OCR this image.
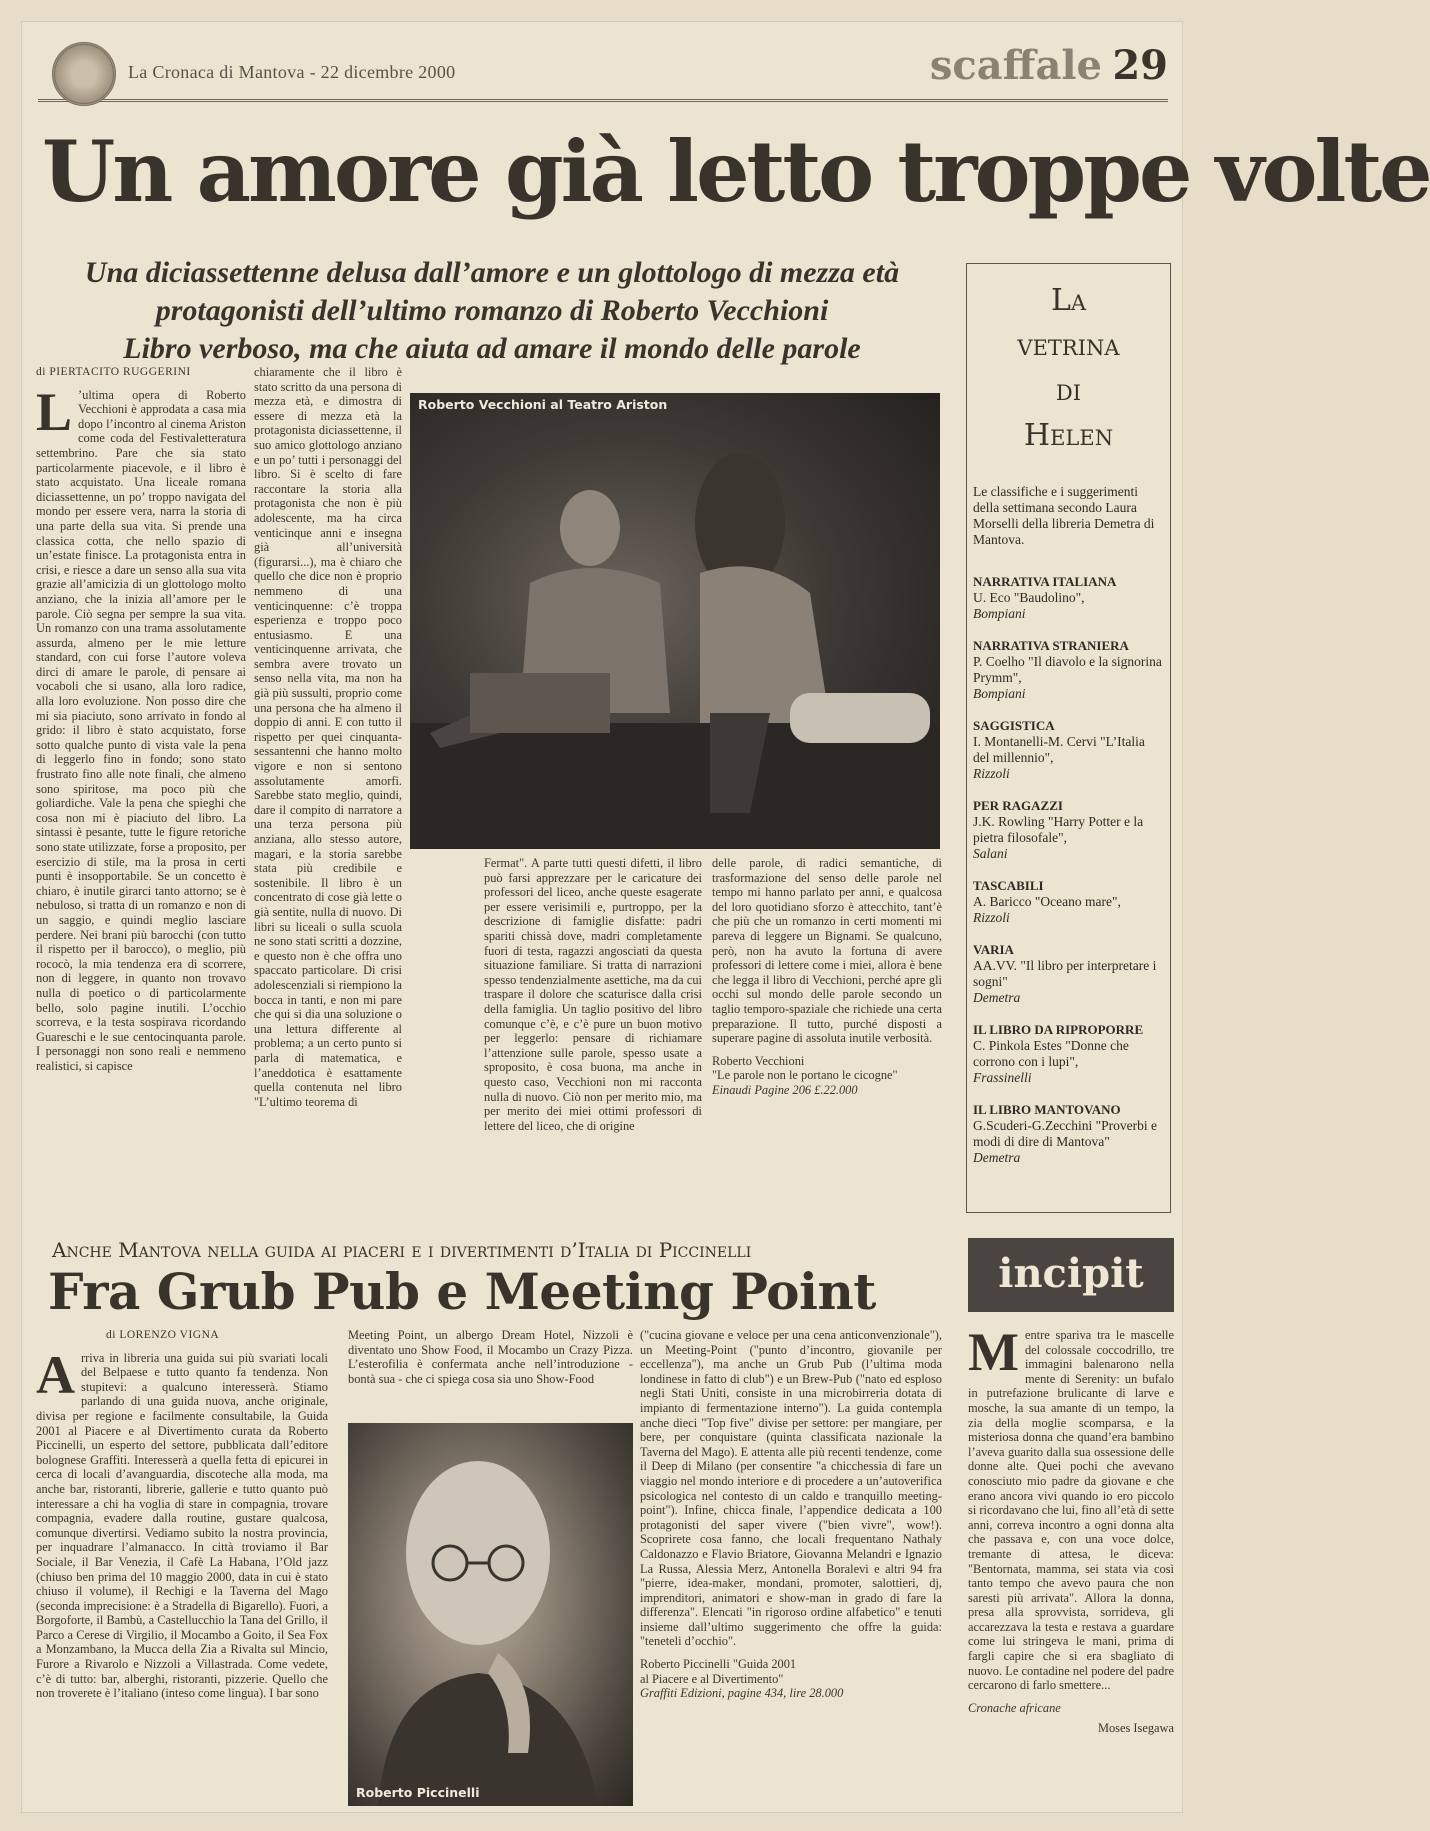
La Cronaca di Mantova - 22 dicembre 2000	scaffale 29
Un amore già letto troppe volte
Una diciassettenne delusa dall’amore e un glottologo di mezza età
protagonisti dell’ultimo romanzo di Roberto Vecchioni
Libro verboso, ma che aiuta ad amare il mondo delle parole
di PIERTACITO RUGGERINI
L ’ultima opera di Roberto Vecchioni è approdata a casa mia dopo l’incontro al cinema Ariston come coda del Festivaletteratura settembrino. Pare che sia stato particolarmente piacevole, e il libro è stato acquistato. Una liceale romana diciassettenne, un po’ troppo navigata del mondo per essere vera, narra la storia di una parte della sua vita. Si prende una classica cotta, che nello spazio di un’estate finisce. La protagonista entra in crisi, e riesce a dare un senso alla sua vita grazie all’amicizia di un glottologo molto anziano, che la inizia all’amore per le parole. Ciò segna per sempre la sua vita. Un romanzo con una trama assolutamente assurda, almeno per le mie letture standard, con cui forse l’autore voleva dirci di amare le parole, di pensare ai vocaboli che si usano, alla loro radice, alla loro evoluzione. Non posso dire che mi sia piaciuto, sono arrivato in fondo al grido: il libro è stato acquistato, forse sotto qualche punto di vista vale la pena di leggerlo fino in fondo; sono stato frustrato fino alle note finali, che almeno sono spiritose, ma poco più che goliardiche. Vale la pena che spieghi che cosa non mi è piaciuto del libro. La sintassi è pesante, tutte le figure retoriche sono state utilizzate, forse a proposito, per esercizio di stile, ma la prosa in certi punti è insopportabile. Se un concetto è chiaro, è inutile girarci tanto attorno; se è nebuloso, si tratta di un romanzo e non di un saggio, e quindi meglio lasciare perdere. Nei brani più barocchi (con tutto il rispetto per il barocco), o meglio, più rococò, la mia tendenza era di scorrere, non di leggere, in quanto non trovavo nulla di poetico o di particolarmente bello, solo pagine inutili. L’occhio scorreva, e la testa sospirava ricordando Guareschi e le sue centocinquanta parole. I personaggi non sono reali e nemmeno realistici, si capisce
chiaramente che il libro è stato scritto da una persona di mezza età, e dimostra di essere di mezza età la protagonista diciassettenne, il suo amico glottologo anziano e un po’ tutti i personaggi del libro. Si è scelto di fare raccontare la storia alla protagonista che non è più adolescente, ma ha circa venticinque anni e insegna già all’università (figurarsi...), ma è chiaro che quello che dice non è proprio nemmeno di una venticinquenne: c’è troppa esperienza e troppo poco entusiasmo. E una venticinquenne arrivata, che sembra avere trovato un senso nella vita, ma non ha già più sussulti, proprio come una persona che ha almeno il doppio di anni. E con tutto il rispetto per quei cinquanta-sessantenni che hanno molto vigore e non si sentono assolutamente amorfi. Sarebbe stato meglio, quindi, dare il compito di narratore a una terza persona più anziana, allo stesso autore, magari, e la storia sarebbe stata più credibile e sostenibile. Il libro è un concentrato di cose già lette o già sentite, nulla di nuovo. Di libri su liceali o sulla scuola ne sono stati scritti a dozzine, e questo non è che offra uno spaccato particolare. Di crisi adolescenziali si riempiono la bocca in tanti, e non mi pare che qui si dia una soluzione o una lettura differente al problema; a un certo punto si parla di matematica, e l’aneddotica è esattamente quella contenuta nel libro "L’ultimo teorema di
Roberto Vecchioni al Teatro Ariston
Fermat". A parte tutti questi difetti, il libro può farsi apprezzare per le caricature dei professori del liceo, anche queste esagerate per essere verisimili e, purtroppo, per la descrizione di famiglie disfatte: padri spariti chissà dove, madri completamente fuori di testa, ragazzi angosciati da questa situazione familiare. Si tratta di narrazioni spesso tendenzialmente asettiche, ma da cui traspare il dolore che scaturisce dalla crisi della famiglia. Un taglio positivo del libro comunque c’è, e c’è pure un buon motivo per leggerlo: pensare di richiamare l’attenzione sulle parole, spesso usate a sproposito, è cosa buona, ma anche in questo caso, Vecchioni non mi racconta nulla di nuovo. Ciò non per merito mio, ma per merito dei miei ottimi professori di lettere del liceo, che di origine
delle parole, di radici semantiche, di trasformazione del senso delle parole nel tempo mi hanno parlato per anni, e qualcosa del loro quotidiano sforzo è attecchito, tant’è che più che un romanzo in certi momenti mi pareva di leggere un Bignami. Se qualcuno, però, non ha avuto la fortuna di avere professori di lettere come i miei, allora è bene che legga il libro di Vecchioni, perché apre gli occhi sul mondo delle parole secondo un taglio temporo-spaziale che richiede una certa preparazione. Il tutto, purché disposti a superare pagine di assoluta inutile verbosità.
Roberto Vecchioni
"Le parole non le portano le cicogne"
Einaudi Pagine 206 £.22.000
La
vetrina
di
Helen
Le classifiche e i suggerimenti della settimana secondo Laura Morselli della libreria Demetra di Mantova.
NARRATIVA ITALIANA
U. Eco "Baudolino",
Bompiani
NARRATIVA STRANIERA
P. Coelho "Il diavolo e la signorina Prymm",
Bompiani
SAGGISTICA
I. Montanelli-M. Cervi "L’Italia del millennio",
Rizzoli
PER RAGAZZI
J.K. Rowling "Harry Potter e la pietra filosofale",
Salani
TASCABILI
A. Baricco "Oceano mare",
Rizzoli
VARIA
AA.VV. "Il libro per interpretare i sogni"
Demetra
IL LIBRO DA RIPROPORRE
C. Pinkola Estes "Donne che corrono con i lupi",
Frassinelli
IL LIBRO MANTOVANO
G.Scuderi-G.Zecchini "Proverbi e modi di dire di Mantova"
Demetra
Anche Mantova nella guida ai piaceri e i divertimenti d’Italia di Piccinelli
Fra Grub Pub e Meeting Point
di LORENZO VIGNA
A rriva in libreria una guida sui più svariati locali del Belpaese e tutto quanto fa tendenza. Non stupitevi: a qualcuno interesserà. Stiamo parlando di una guida nuova, anche originale, divisa per regione e facilmente consultabile, la Guida 2001 al Piacere e al Divertimento curata da Roberto Piccinelli, un esperto del settore, pubblicata dall’editore bolognese Graffiti. Interesserà a quella fetta di epicurei in cerca di locali d’avanguardia, discoteche alla moda, ma anche bar, ristoranti, librerie, gallerie e tutto quanto può interessare a chi ha voglia di stare in compagnia, trovare compagnia, evadere dalla routine, gustare qualcosa, comunque divertirsi. Vediamo subito la nostra provincia, per inquadrare l’almanacco. In città troviamo il Bar Sociale, il Bar Venezia, il Cafè La Habana, l’Old jazz (chiuso ben prima del 10 maggio 2000, data in cui è stato chiuso il volume), il Rechigi e la Taverna del Mago (seconda imprecisione: è a Stradella di Bigarello). Fuori, a Borgoforte, il Bambù, a Castellucchio la Tana del Grillo, il Parco a Cerese di Virgilio, il Mocambo a Goito, il Sea Fox a Monzambano, la Mucca della Zia a Rivalta sul Mincio, Furore a Rivarolo e Nizzoli a Villastrada. Come vedete, c’è di tutto: bar, alberghi, ristoranti, pizzerie. Quello che non troverete è l’italiano (inteso come lingua). I bar sono
Meeting Point, un albergo Dream Hotel, Nizzoli è diventato uno Show Food, il Mocambo un Crazy Pizza. L’esterofilia è confermata anche nell’introduzione - bontà sua - che ci spiega cosa sia uno Show-Food
Roberto Piccinelli
("cucina giovane e veloce per una cena anticonvenzionale"), un Meeting-Point ("punto d’incontro, giovanile per eccellenza"), ma anche un Grub Pub (l’ultima moda londinese in fatto di club") e un Brew-Pub ("nato ed esploso negli Stati Uniti, consiste in una microbirreria dotata di impianto di fermentazione interno"). La guida contempla anche dieci "Top five" divise per settore: per mangiare, per bere, per conquistare (quinta classificata nazionale la Taverna del Mago). E attenta alle più recenti tendenze, come il Deep di Milano (per consentire "a chicchessia di fare un viaggio nel mondo interiore e di procedere a un’autoverifica psicologica nel contesto di un caldo e tranquillo meeting-point"). Infine, chicca finale, l’appendice dedicata a 100 protagonisti del saper vivere ("bien vivre", wow!). Scopriretе cosa fanno, che locali frequentano Nathaly Caldonazzo e Flavio Briatore, Giovanna Melandri e Ignazio La Russa, Alessia Merz, Antonella Boralevi e altri 94 fra "pierre, idea-maker, mondani, promoter, salottieri, dj, imprenditori, animatori e show-man in grado di fare la differenza". Elencati "in rigoroso ordine alfabetico" e tenuti insieme dall’ultimo suggerimento che offre la guida: "teneteli d’occhio".
Roberto Piccinelli "Guida 2001
al Piacere e al Divertimento"
Graffiti Edizioni, pagine 434, lire 28.000
incipit
M entre spariva tra le mascelle del colossale coccodrillo, tre immagini balenarono nella mente di Serenity: un bufalo in putrefazione brulicante di larve e mosche, la sua amante di un tempo, la zia della moglie scomparsa, e la misteriosa donna che quand’era bambino l’aveva guarito dalla sua ossessione delle donne alte. Quei pochi che avevano conosciuto mio padre da giovane e che erano ancora vivi quando io ero piccolo si ricordavano che lui, fino all’età di sette anni, correva incontro a ogni donna alta che passava e, con una voce dolce, tremante di attesa, le diceva: "Bentornata, mamma, sei stata via così tanto tempo che avevo paura che non saresti più arrivata". Allora la donna, presa alla sprovvista, sorrideva, gli accarezzava la testa e restava a guardare come lui stringeva le mani, prima di fargli capire che si era sbagliato di nuovo. Le contadine nel podere del padre cercarono di farlo smettere...
Cronache africane
Moses Isegawa
